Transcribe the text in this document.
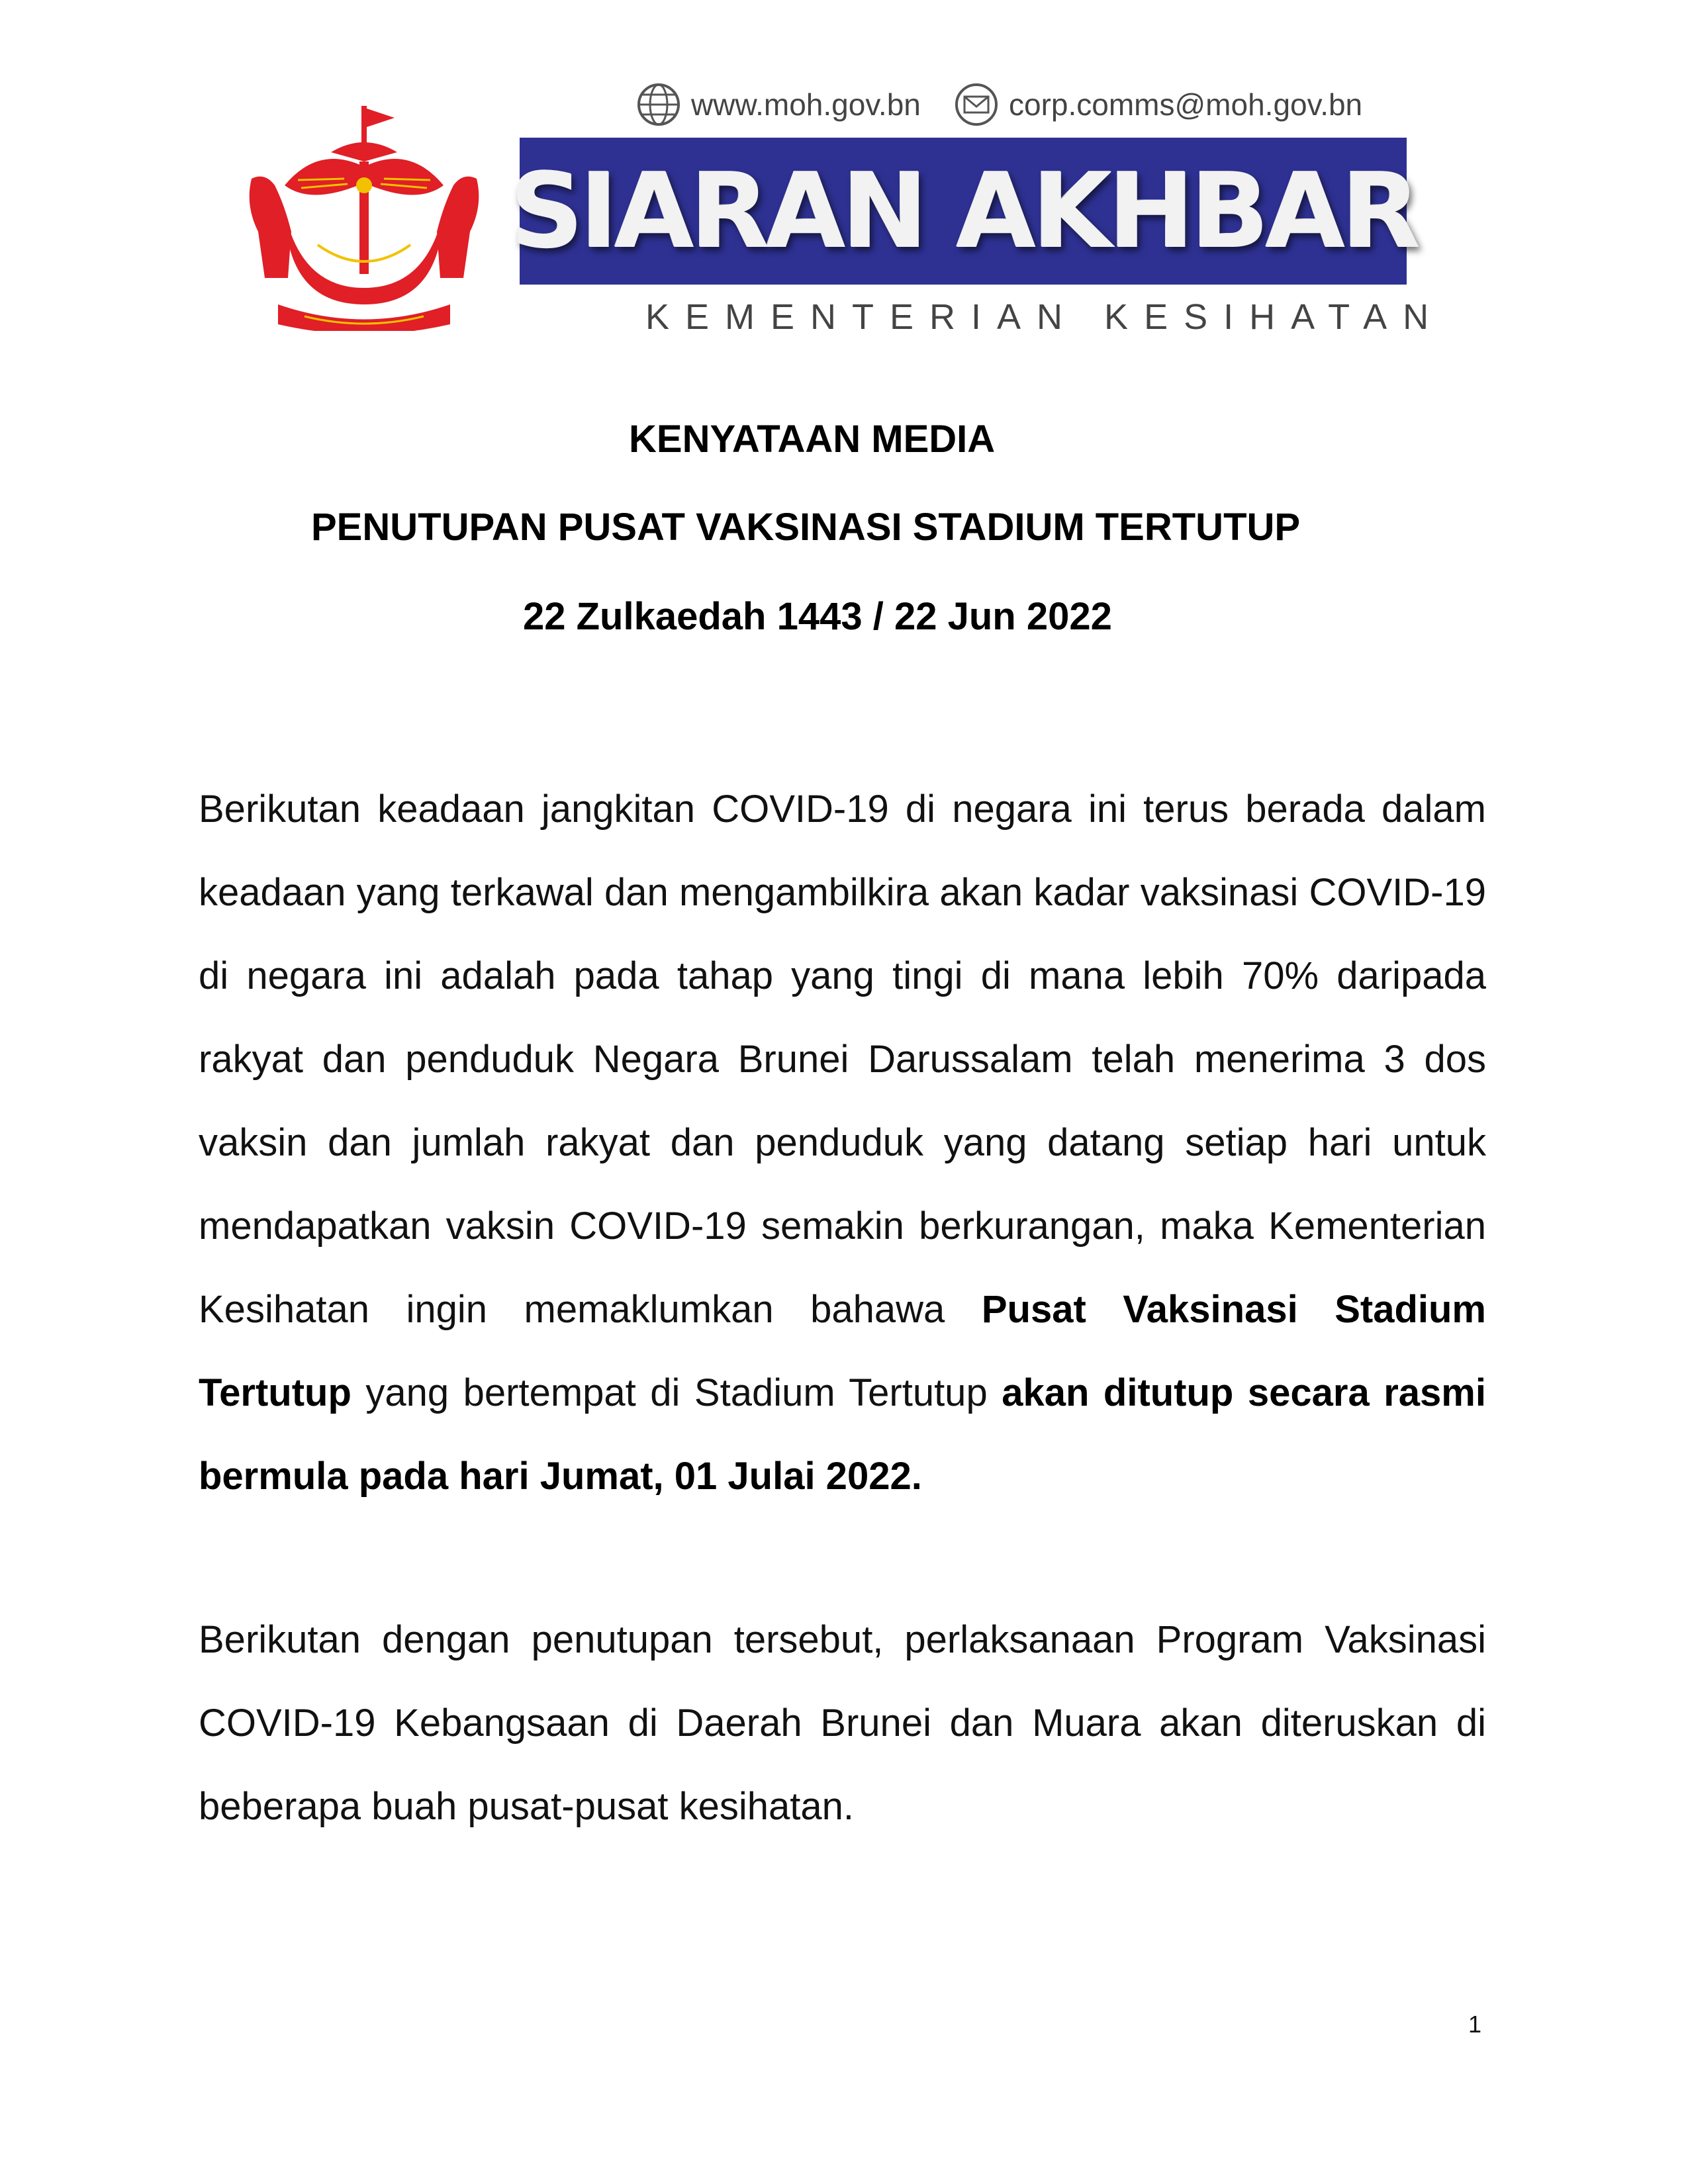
www.moh.gov.bn	corp.comms@moh.gov.bn
SIARAN AKHBAR
KEMENTERIAN KESIHATAN
KENYATAAN MEDIA
PENUTUPAN PUSAT VAKSINASI STADIUM TERTUTUP
22 Zulkaedah 1443 / 22 Jun 2022

Berikutan keadaan jangkitan COVID-19 di negara ini terus berada dalam keadaan yang terkawal dan mengambilkira akan kadar vaksinasi COVID-19 di negara ini adalah pada tahap yang tingi di mana lebih 70% daripada rakyat dan penduduk Negara Brunei Darussalam telah menerima 3 dos vaksin dan jumlah rakyat dan penduduk yang datang setiap hari untuk mendapatkan vaksin COVID-19 semakin berkurangan, maka Kementerian Kesihatan ingin memaklumkan bahawa Pusat Vaksinasi Stadium Tertutup yang bertempat di Stadium Tertutup akan ditutup secara rasmi bermula pada hari Jumat, 01 Julai 2022.

Berikutan dengan penutupan tersebut, perlaksanaan Program Vaksinasi COVID-19 Kebangsaan di Daerah Brunei dan Muara akan diteruskan di beberapa buah pusat-pusat kesihatan.

1
